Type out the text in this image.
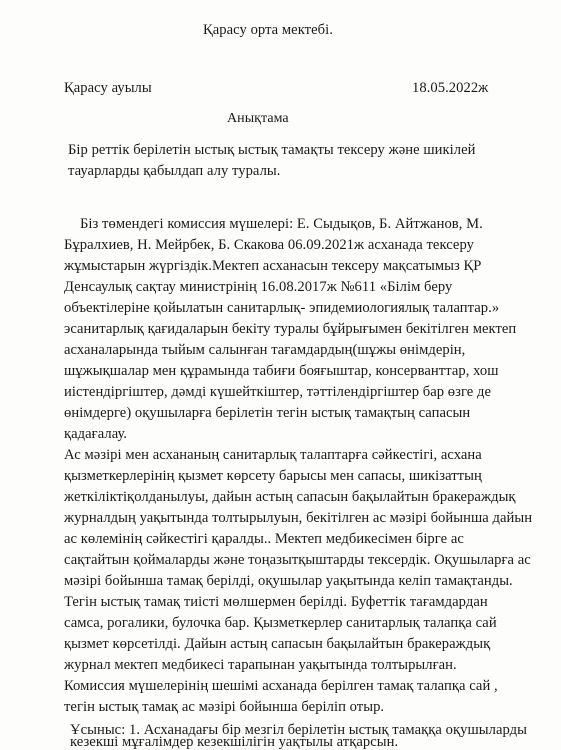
Қарасу орта мектебі.
Қарасу ауылы	18.05.2022ж
Анықтама
Бір реттік берілетін ыстық ыстық тамақты тексеру және шикілей
тауарларды қабылдап алу туралы.
Біз төмендегі комиссия мүшелері: Е. Сыдықов, Б. Айтжанов, М.
Бұралхиев, Н. Мейрбек, Б. Скакова 06.09.2021ж асханада тексеру
жұмыстарын жүргіздік.Мектеп асханасын тексеру мақсатымыз ҚР
Денсаулық сақтау министрінің 16.08.2017ж №611 «Білім беру
объектілеріне қойылатын санитарлық- эпидемиологиялық талаптар.»
эсанитарлық қағидаларын бекіту туралы бұйрығымен бекітілген мектеп
асханаларында тыйым салынған тағамдардың(шұжы өнімдерін,
шұжықшалар мен құрамында табиғи бояғыштар, консерванттар, хош
иістендіргіштер, дәмді күшейткіштер, тәттілендіргіштер бар өзге де
өнімдерге) оқушыларға берілетін тегін ыстық тамақтың сапасын
қадағалау.
Ас мәзірі мен асхананың санитарлық талаптарға сәйкестігі, асхана
қызметкерлерінің қызмет көрсету барысы мен сапасы, шикізаттың
жеткіліктіқолданылуы, дайын астың сапасын бақылайтын бракераждық
журналдың уақытында толтырылуын, бекітілген ас мәзірі бойынша дайын
ас көлемінің сәйкестігі қаралды.. Мектеп медбикесімен бірге ас
сақтайтын қоймаларды және тоңазытқыштарды тексердік. Оқушыларға ас
мәзірі бойынша тамақ берілді, оқушылар уақытында келіп тамақтанды.
Тегін ыстық тамақ тиісті мөлшермен берілді. Буфеттік тағамдардан
самса, рогалики, булочка бар. Қызметкерлер санитарлық талапқа сай
қызмет көрсетілді. Дайын астың сапасын бақылайтын бракераждық
журнал мектеп медбикесі тарапынан уақытында толтырылған.
Комиссия мүшелерінің шешімі асханада берілген тамақ талапқа сай ,
тегін ыстық тамақ ас мәзірі бойынша беріліп отыр.
Ұсыныс: 1. Асханадағы бір мезгіл берілетін ыстық тамаққа оқушыларды
кезекші мұғалімдер кезекшілігін уақтылы атқарсын.
